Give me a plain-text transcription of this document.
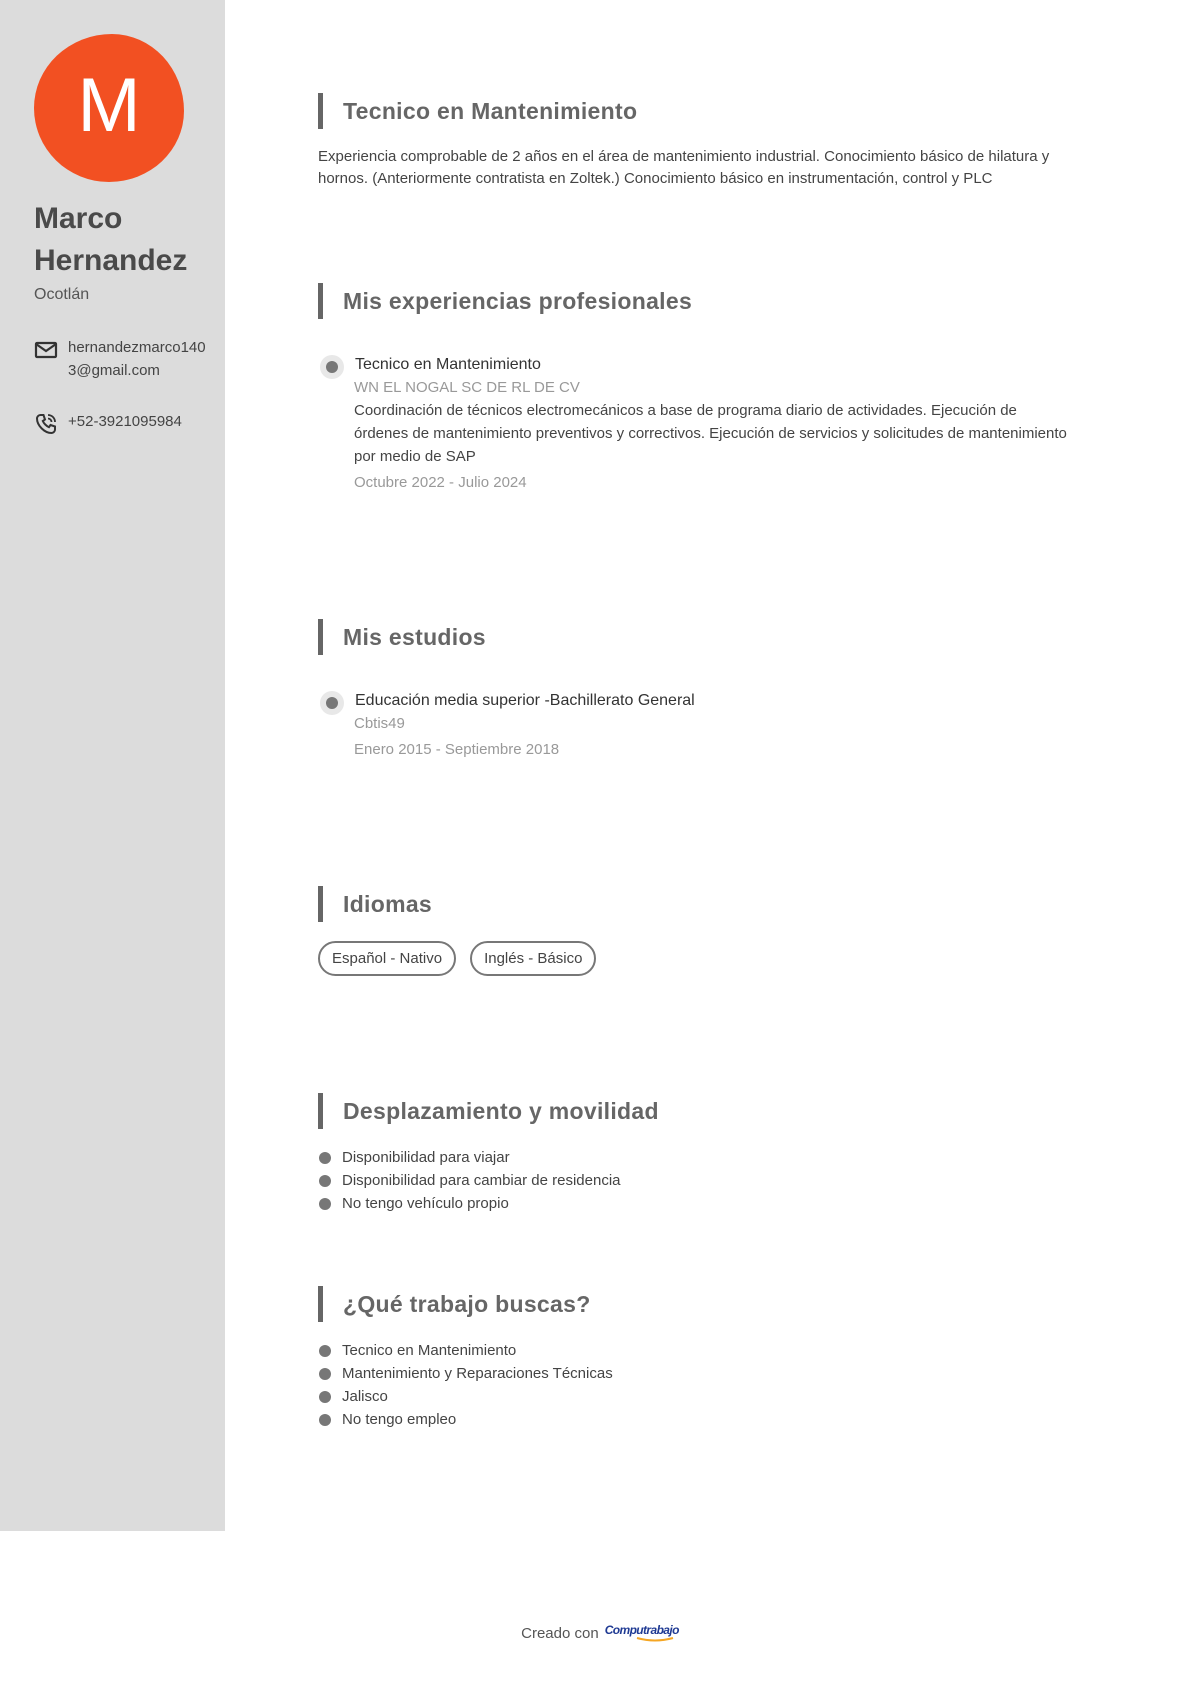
M
Marco Hernandez
Ocotlán
hernandezmarco1403@gmail.com
+52-3921095984
Tecnico en Mantenimiento
Experiencia comprobable de 2 años en el área de mantenimiento industrial. Conocimiento básico de hilatura y hornos. (Anteriormente contratista en Zoltek.) Conocimiento básico en instrumentación, control y PLC
Mis experiencias profesionales
Tecnico en Mantenimiento
WN EL NOGAL SC DE RL DE CV
Coordinación de técnicos electromecánicos a base de programa diario de actividades. Ejecución de órdenes de mantenimiento preventivos y correctivos. Ejecución de servicios y solicitudes de mantenimiento por medio de SAP
Octubre 2022 - Julio 2024
Mis estudios
Educación media superior -Bachillerato General
Cbtis49
Enero 2015 - Septiembre 2018
Idiomas
Español - Nativo	Inglés - Básico
Desplazamiento y movilidad
Disponibilidad para viajar
Disponibilidad para cambiar de residencia
No tengo vehículo propio
¿Qué trabajo buscas?
Tecnico en Mantenimiento
Mantenimiento y Reparaciones Técnicas
Jalisco
No tengo empleo
Creado con Computrabajo
